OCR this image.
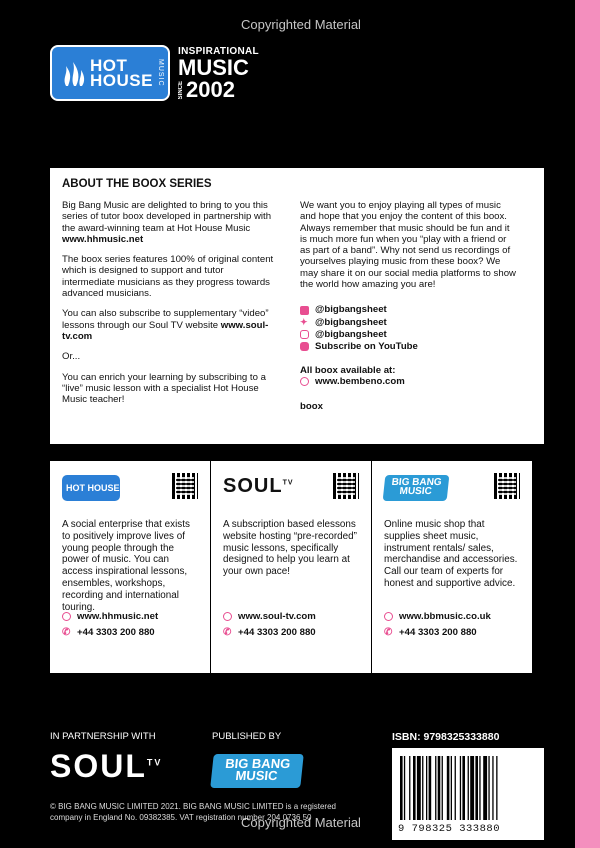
Copyrighted Material
HOT
HOUSE MUSIC
INSPIRATIONAL
MUSIC
SINCE 2002
ABOUT THE BOOX SERIES

Big Bang Music are delighted to bring to you this series of tutor boox developed in partnership with the award-winning team at Hot House Music www.hhmusic.net

The boox series features 100% of original content which is designed to support and tutor intermediate musicians as they progress towards advanced musicians.

You can also subscribe to supplementary “video” lessons through our Soul TV website www.soul-tv.com

Or...

You can enrich your learning by subscribing to a “live” music lesson with a specialist Hot House Music teacher!

We want you to enjoy playing all types of music and hope that you enjoy the content of this boox. Always remember that music should be fun and it is much more fun when you “play with a friend or as part of a band”. Why not send us recordings of yourselves playing music from these boox? We may share it on our social media platforms to show the world how amazing you are!

@bigbangsheet
✦ @bigbangsheet
@bigbangsheet
Subscribe on YouTube
All boox available at:
www.bembeno.com
boox
HOT HOUSE
A social enterprise that exists to positively improve lives of young people through the power of music. You can access inspirational lessons, ensembles, workshops, recording and international touring.
www.hhmusic.net
✆ +44 3303 200 880
$SOUL^{TV}$
A subscription based elessons website hosting “pre-recorded” music lessons, specifically designed to help you learn at your own pace!
www.soul-tv.com
✆ +44 3303 200 880
BIG BANG MUSIC
Online music shop that supplies sheet music, instrument rentals/ sales, merchandise and accessories. Call our team of experts for honest and supportive advice.
www.bbmusic.co.uk
✆ +44 3303 200 880
IN PARTNERSHIP WITH	PUBLISHED BY	ISBN: 9798325333880
$SOUL^{TV}$	BIG BANG MUSIC
© BIG BANG MUSIC LIMITED 2021. BIG BANG MUSIC LIMITED is a registered company in England No. 09382385. VAT registration number 204 0736 50
9 798325 333880
Copyrighted Material
